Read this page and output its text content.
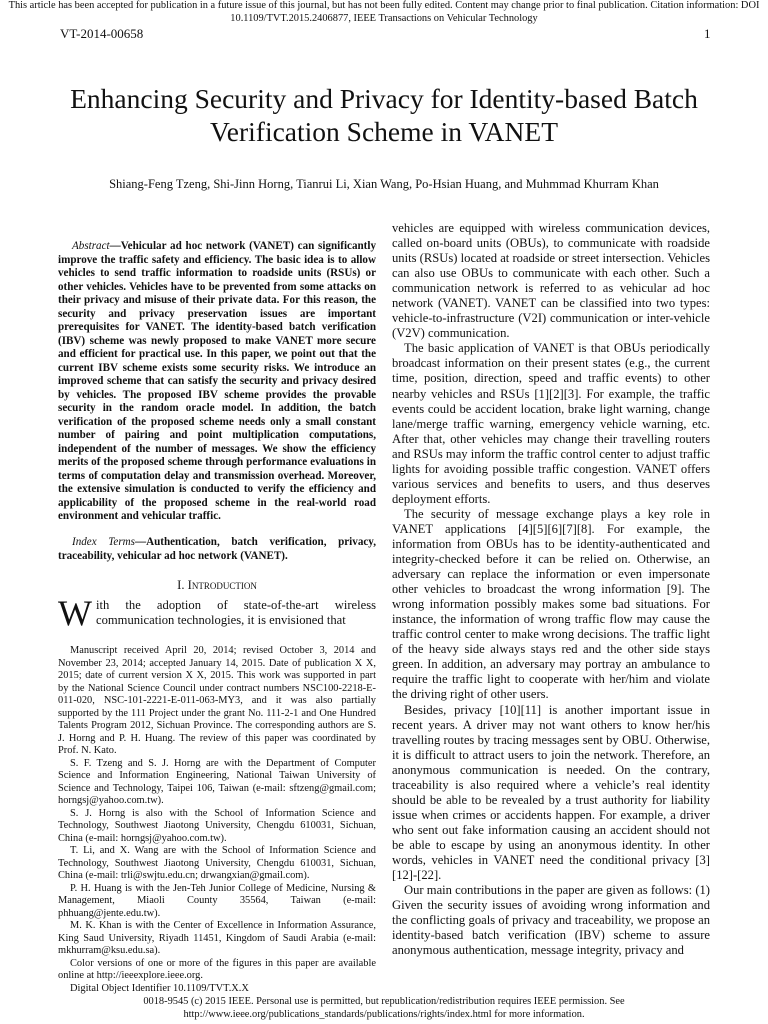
This article has been accepted for publication in a future issue of this journal, but has not been fully edited. Content may change prior to final publication. Citation information: DOI 10.1109/TVT.2015.2406877, IEEE Transactions on Vehicular Technology
VT-2014-00658	1
Enhancing Security and Privacy for Identity-based Batch Verification Scheme in VANET
Shiang-Feng Tzeng, Shi-Jinn Horng, Tianrui Li, Xian Wang, Po-Hsian Huang, and Muhmmad Khurram Khan
Abstract—Vehicular ad hoc network (VANET) can significantly improve the traffic safety and efficiency. The basic idea is to allow vehicles to send traffic information to roadside units (RSUs) or other vehicles. Vehicles have to be prevented from some attacks on their privacy and misuse of their private data. For this reason, the security and privacy preservation issues are important prerequisites for VANET. The identity-based batch verification (IBV) scheme was newly proposed to make VANET more secure and efficient for practical use. In this paper, we point out that the current IBV scheme exists some security risks. We introduce an improved scheme that can satisfy the security and privacy desired by vehicles. The proposed IBV scheme provides the provable security in the random oracle model. In addition, the batch verification of the proposed scheme needs only a small constant number of pairing and point multiplication computations, independent of the number of messages. We show the efficiency merits of the proposed scheme through performance evaluations in terms of computation delay and transmission overhead. Moreover, the extensive simulation is conducted to verify the efficiency and applicability of the proposed scheme in the real-world road environment and vehicular traffic.
Index Terms—Authentication, batch verification, privacy, traceability, vehicular ad hoc network (VANET).
I. Introduction
With the adoption of state-of-the-art wireless communication technologies, it is envisioned that

Manuscript received April 20, 2014; revised October 3, 2014 and November 23, 2014; accepted January 14, 2015. Date of publication X X, 2015; date of current version X X, 2015. This work was supported in part by the National Science Council under contract numbers NSC100-2218-E-011-020, NSC-101-2221-E-011-063-MY3, and it was also partially supported by the 111 Project under the grant No. 111-2-1 and One Hundred Talents Program 2012, Sichuan Province. The corresponding authors are S. J. Horng and P. H. Huang. The review of this paper was coordinated by Prof. N. Kato.

S. F. Tzeng and S. J. Horng are with the Department of Computer Science and Information Engineering, National Taiwan University of Science and Technology, Taipei 106, Taiwan (e-mail: sftzeng@gmail.com; horngsj@yahoo.com.tw).

S. J. Horng is also with the School of Information Science and Technology, Southwest Jiaotong University, Chengdu 610031, Sichuan, China (e-mail: horngsj@yahoo.com.tw).

T. Li, and X. Wang are with the School of Information Science and Technology, Southwest Jiaotong University, Chengdu 610031, Sichuan, China (e-mail: trli@swjtu.edu.cn; drwangxian@gmail.com).

P. H. Huang is with the Jen-Teh Junior College of Medicine, Nursing & Management, Miaoli County 35564, Taiwan (e-mail: phhuang@jente.edu.tw).

M. K. Khan is with the Center of Excellence in Information Assurance, King Saud University, Riyadh 11451, Kingdom of Saudi Arabia (e-mail: mkhurram@ksu.edu.sa).

Color versions of one or more of the figures in this paper are available online at http://ieeexplore.ieee.org.

Digital Object Identifier 10.1109/TVT.X.X

vehicles are equipped with wireless communication devices, called on-board units (OBUs), to communicate with roadside units (RSUs) located at roadside or street intersection. Vehicles can also use OBUs to communicate with each other. Such a communication network is referred to as vehicular ad hoc network (VANET). VANET can be classified into two types: vehicle-to-infrastructure (V2I) communication or inter-vehicle (V2V) communication.

The basic application of VANET is that OBUs periodically broadcast information on their present states (e.g., the current time, position, direction, speed and traffic events) to other nearby vehicles and RSUs [1][2][3]. For example, the traffic events could be accident location, brake light warning, change lane/merge traffic warning, emergency vehicle warning, etc. After that, other vehicles may change their travelling routers and RSUs may inform the traffic control center to adjust traffic lights for avoiding possible traffic congestion. VANET offers various services and benefits to users, and thus deserves deployment efforts.

The security of message exchange plays a key role in VANET applications [4][5][6][7][8]. For example, the information from OBUs has to be identity-authenticated and integrity-checked before it can be relied on. Otherwise, an adversary can replace the information or even impersonate other vehicles to broadcast the wrong information [9]. The wrong information possibly makes some bad situations. For instance, the information of wrong traffic flow may cause the traffic control center to make wrong decisions. The traffic light of the heavy side always stays red and the other side stays green. In addition, an adversary may portray an ambulance to require the traffic light to cooperate with her/him and violate the driving right of other users.

Besides, privacy [10][11] is another important issue in recent years. A driver may not want others to know her/his travelling routes by tracing messages sent by OBU. Otherwise, it is difficult to attract users to join the network. Therefore, an anonymous communication is needed. On the contrary, traceability is also required where a vehicle’s real identity should be able to be revealed by a trust authority for liability issue when crimes or accidents happen. For example, a driver who sent out fake information causing an accident should not be able to escape by using an anonymous identity. In other words, vehicles in VANET need the conditional privacy [3][12]-[22].

Our main contributions in the paper are given as follows: (1) Given the security issues of avoiding wrong information and the conflicting goals of privacy and traceability, we propose an identity-based batch verification (IBV) scheme to assure anonymous authentication, message integrity, privacy and

0018-9545 (c) 2015 IEEE. Personal use is permitted, but republication/redistribution requires IEEE permission. See http://www.ieee.org/publications_standards/publications/rights/index.html for more information.
